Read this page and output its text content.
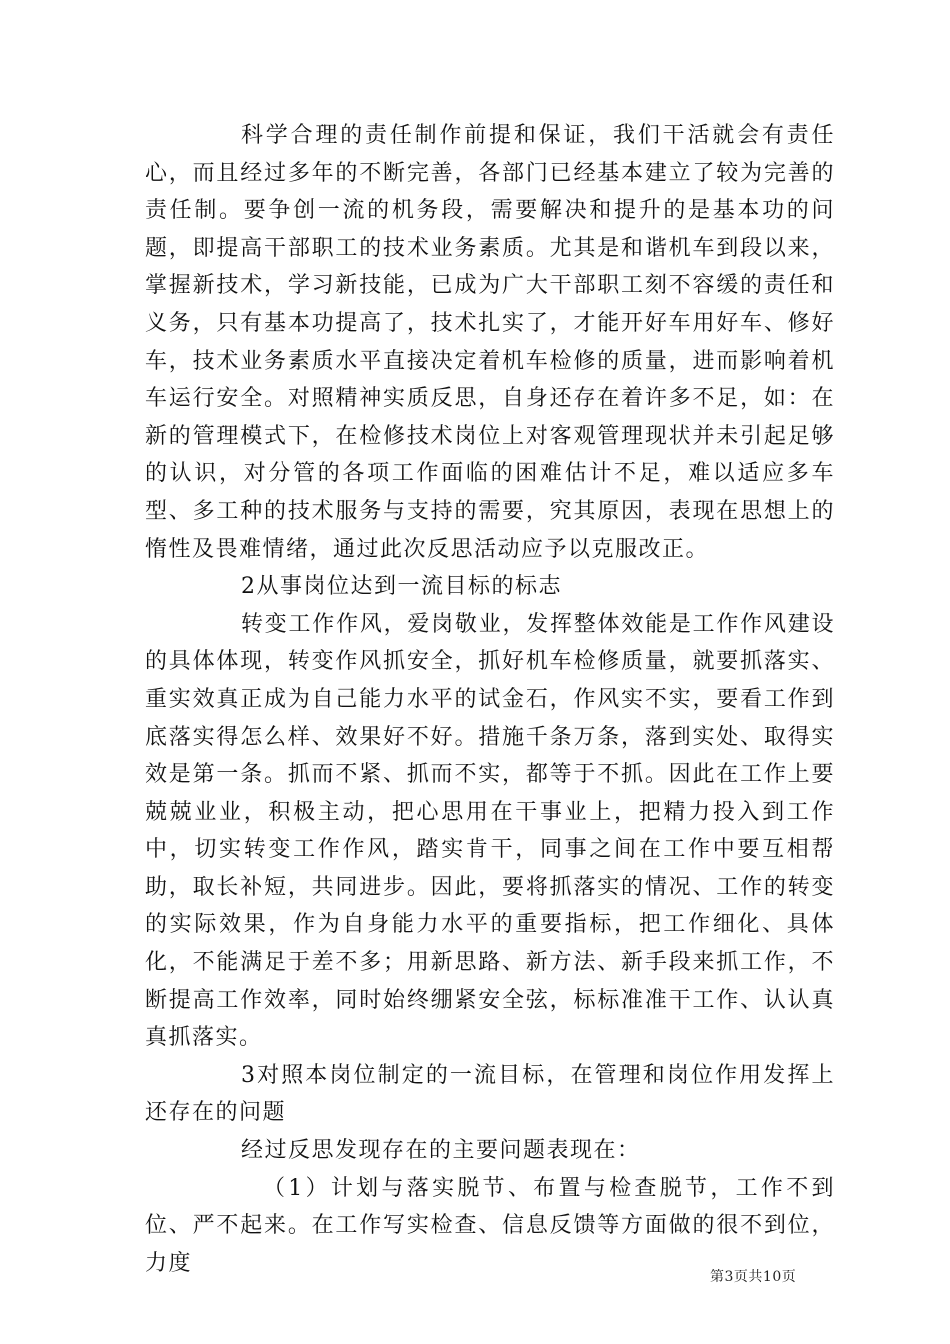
科学合理的责任制作前提和保证，我们干活就会有责任心，而且经过多年的不断完善，各部门已经基本建立了较为完善的责任制。要争创一流的机务段，需要解决和提升的是基本功的问题，即提高干部职工的技术业务素质。尤其是和谐机车到段以来，掌握新技术，学习新技能，已成为广大干部职工刻不容缓的责任和义务，只有基本功提高了，技术扎实了，才能开好车用好车、修好车，技术业务素质水平直接决定着机车检修的质量，进而影响着机车运行安全。对照精神实质反思，自身还存在着许多不足，如：在新的管理模式下，在检修技术岗位上对客观管理现状并未引起足够的认识，对分管的各项工作面临的困难估计不足，难以适应多车型、多工种的技术服务与支持的需要，究其原因，表现在思想上的惰性及畏难情绪，通过此次反思活动应予以克服改正。

2从事岗位达到一流目标的标志

转变工作作风，爱岗敬业，发挥整体效能是工作作风建设的具体体现，转变作风抓安全，抓好机车检修质量，就要抓落实、重实效真正成为自己能力水平的试金石，作风实不实，要看工作到底落实得怎么样、效果好不好。措施千条万条，落到实处、取得实效是第一条。抓而不紧、抓而不实，都等于不抓。因此在工作上要兢兢业业，积极主动，把心思用在干事业上，把精力投入到工作中，切实转变工作作风，踏实肯干，同事之间在工作中要互相帮助，取长补短，共同进步。因此，要将抓落实的情况、工作的转变的实际效果，作为自身能力水平的重要指标，把工作细化、具体化，不能满足于差不多；用新思路、新方法、新手段来抓工作，不断提高工作效率，同时始终绷紧安全弦，标标准准干工作、认认真真抓落实。

3对照本岗位制定的一流目标，在管理和岗位作用发挥上还存在的问题

经过反思发现存在的主要问题表现在：

（1）计划与落实脱节、布置与检查脱节，工作不到位、严不起来。在工作写实检查、信息反馈等方面做的很不到位，力度

第3页共10页
